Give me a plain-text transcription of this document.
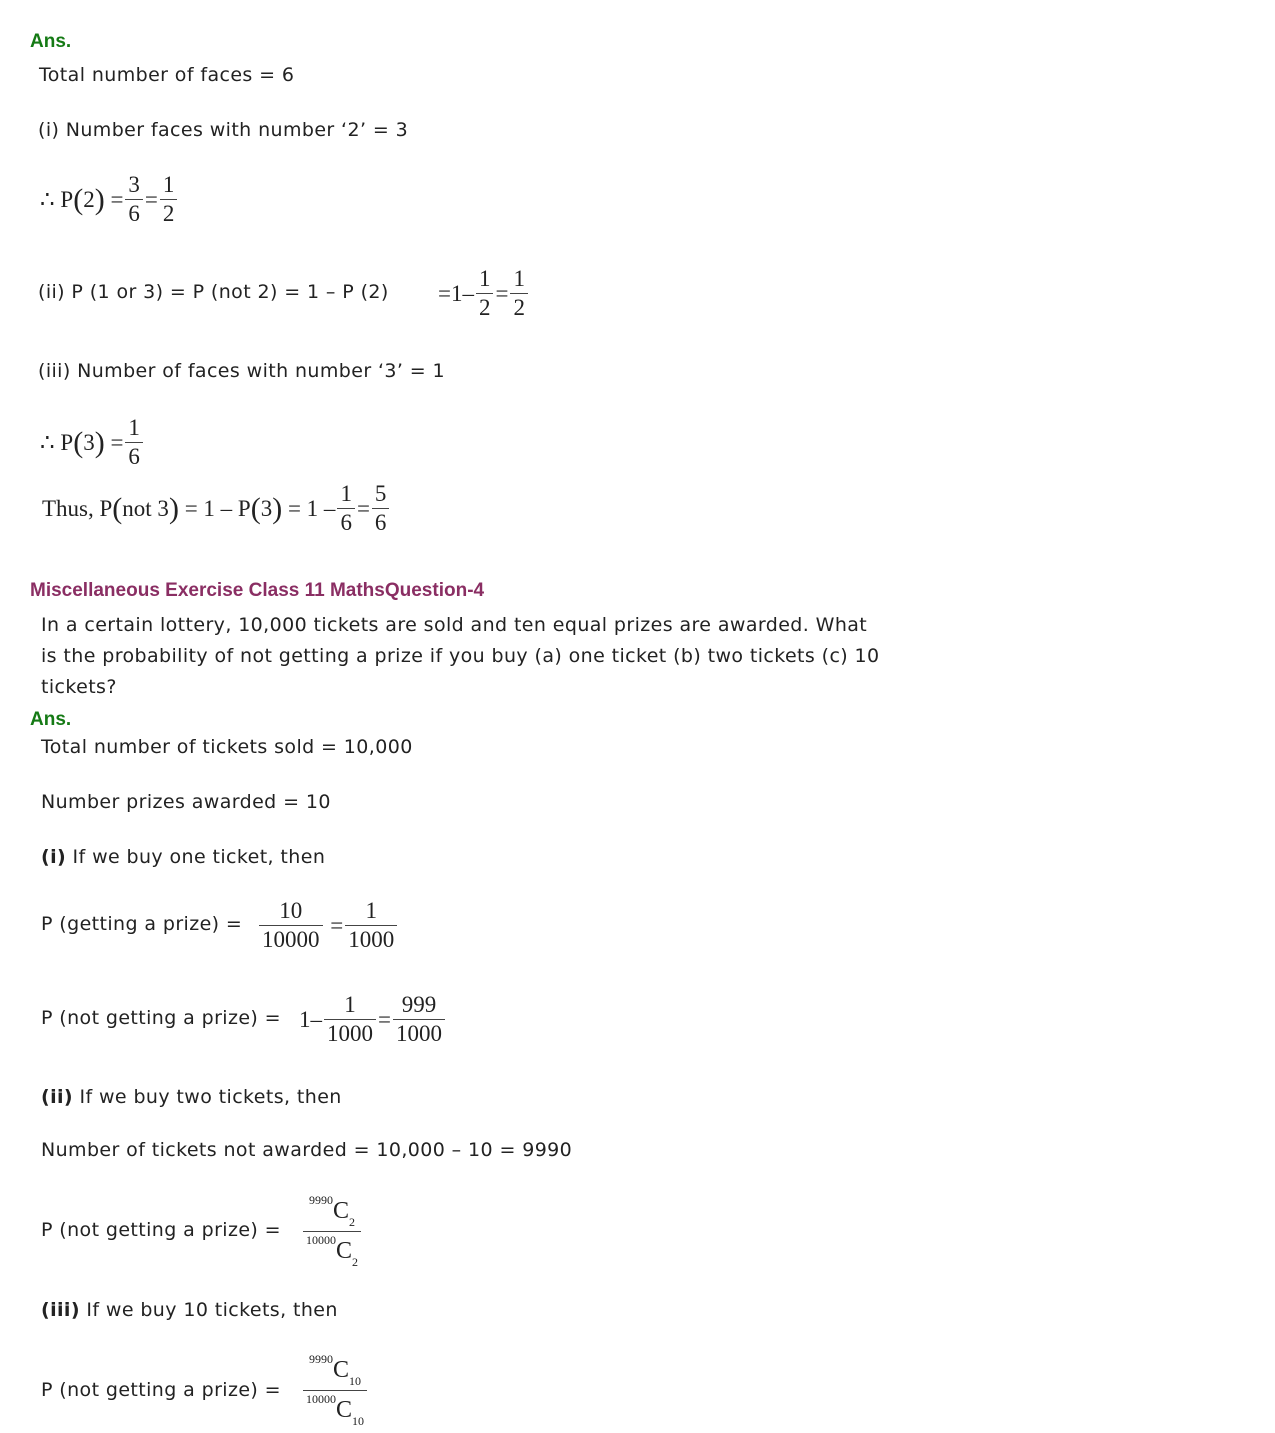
Ans.
Total number of faces = 6
(i) Number faces with number ‘2’ = 3
∴ P ( 2 ) = $\frac{3}{6} = \frac{1}{2}$
(ii) P (1 or 3) = P (not 2) = 1 – P $(2) = 1 - \frac{1}{2} = \frac{1}{2}$
(iii) Number of faces with number ‘3’ = 1
∴ P ( 3 ) = $\frac{1}{6}$
Thus, P ( not 3 )
= 1 – P ( 3 )
= $1 - \frac{1}{6} = \frac{5}{6}$
Miscellaneous Exercise Class 11 MathsQuestion-4
In a certain lottery, 10,000 tickets are sold and ten equal prizes are awarded. What
is the probability of not getting a prize if you buy (a) one ticket (b) two tickets (c) 10
tickets?
Ans.
Total number of tickets sold = 10,000
Number prizes awarded = 10
(i) If we buy one ticket, then
P (getting a prize) = $\frac{10}{10000} = \frac{1}{1000}$
P (not getting a prize) = $1 - \frac{1}{1000} = \frac{999}{1000}$
(ii) If we buy two tickets, then
Number of tickets not awarded = 10,000 – 10 = 9990
P (not getting a prize) = $\frac{^{9990}C_2}{^{10000}C_2}$
(iii) If we buy 10 tickets, then
P (not getting a prize) = $\frac{^{9990}C_{10}}{^{10000}C_{10}}$
